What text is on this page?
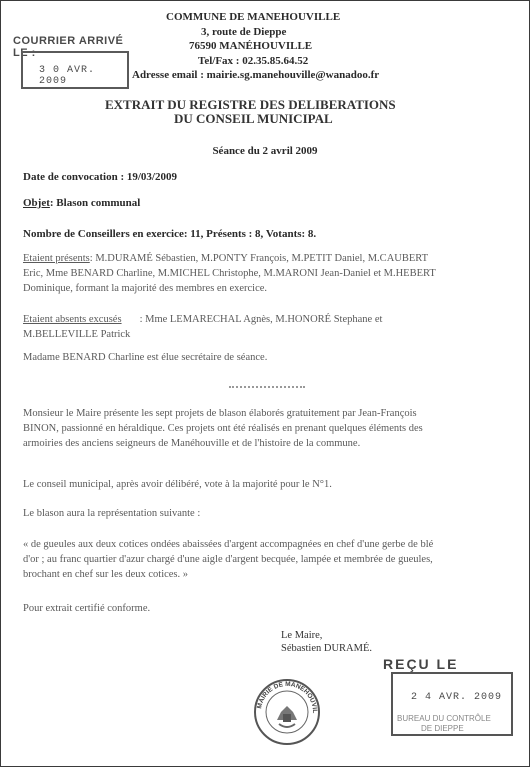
COMMUNE DE MANEHOUVILLE
3, route de Dieppe
76590 MANÉHOUVILLE
Tel/Fax : 02.35.85.64.52
Adresse email : mairie.sg.manehouville@wanadoo.fr
COURRIER ARRIVÉ LE :
3 0 AVR. 2009
EXTRAIT DU REGISTRE DES DELIBERATIONS
DU CONSEIL MUNICIPAL
Séance du 2 avril 2009
Date de convocation : 19/03/2009
Objet: Blason communal
Nombre de Conseillers en exercice: 11, Présents : 8, Votants: 8.
Etaient présents: M.DURAMÉ Sébastien, M.PONTY François, M.PETIT Daniel, M.CAUBERT
Eric, Mme BENARD Charline, M.MICHEL Christophe, M.MARONI Jean-Daniel et M.HEBERT
Dominique, formant la majorité des membres en exercice.
Etaient absents excusés : Mme LEMARECHAL Agnès, M.HONORÉ Stephane et
M.BELLEVILLE Patrick
Madame BENARD Charline est élue secrétaire de séance.
Monsieur le Maire présente les sept projets de blason élaborés gratuitement par Jean-François
BINON, passionné en héraldique. Ces projets ont été réalisés en prenant quelques éléments des
armoiries des anciens seigneurs de Manéhouville et de l'histoire de la commune.
Le conseil municipal, après avoir délibéré, vote à la majorité pour le N°1.
Le blason aura la représentation suivante :
« de gueules aux deux cotices ondées abaissées d'argent accompagnées en chef d'une gerbe de blé
d'or ; au franc quartier d'azur chargé d'une aigle d'argent becquée, lampée et membrée de gueules,
brochant en chef sur les deux cotices. »
Pour extrait certifié conforme.
Le Maire,
Sébastien DURAMÉ.
MAIRIE DE MANEHOUVIL
REÇU LE
2 4 AVR. 2009
BUREAU DU CONTRÔLE
DE DIEPPE
